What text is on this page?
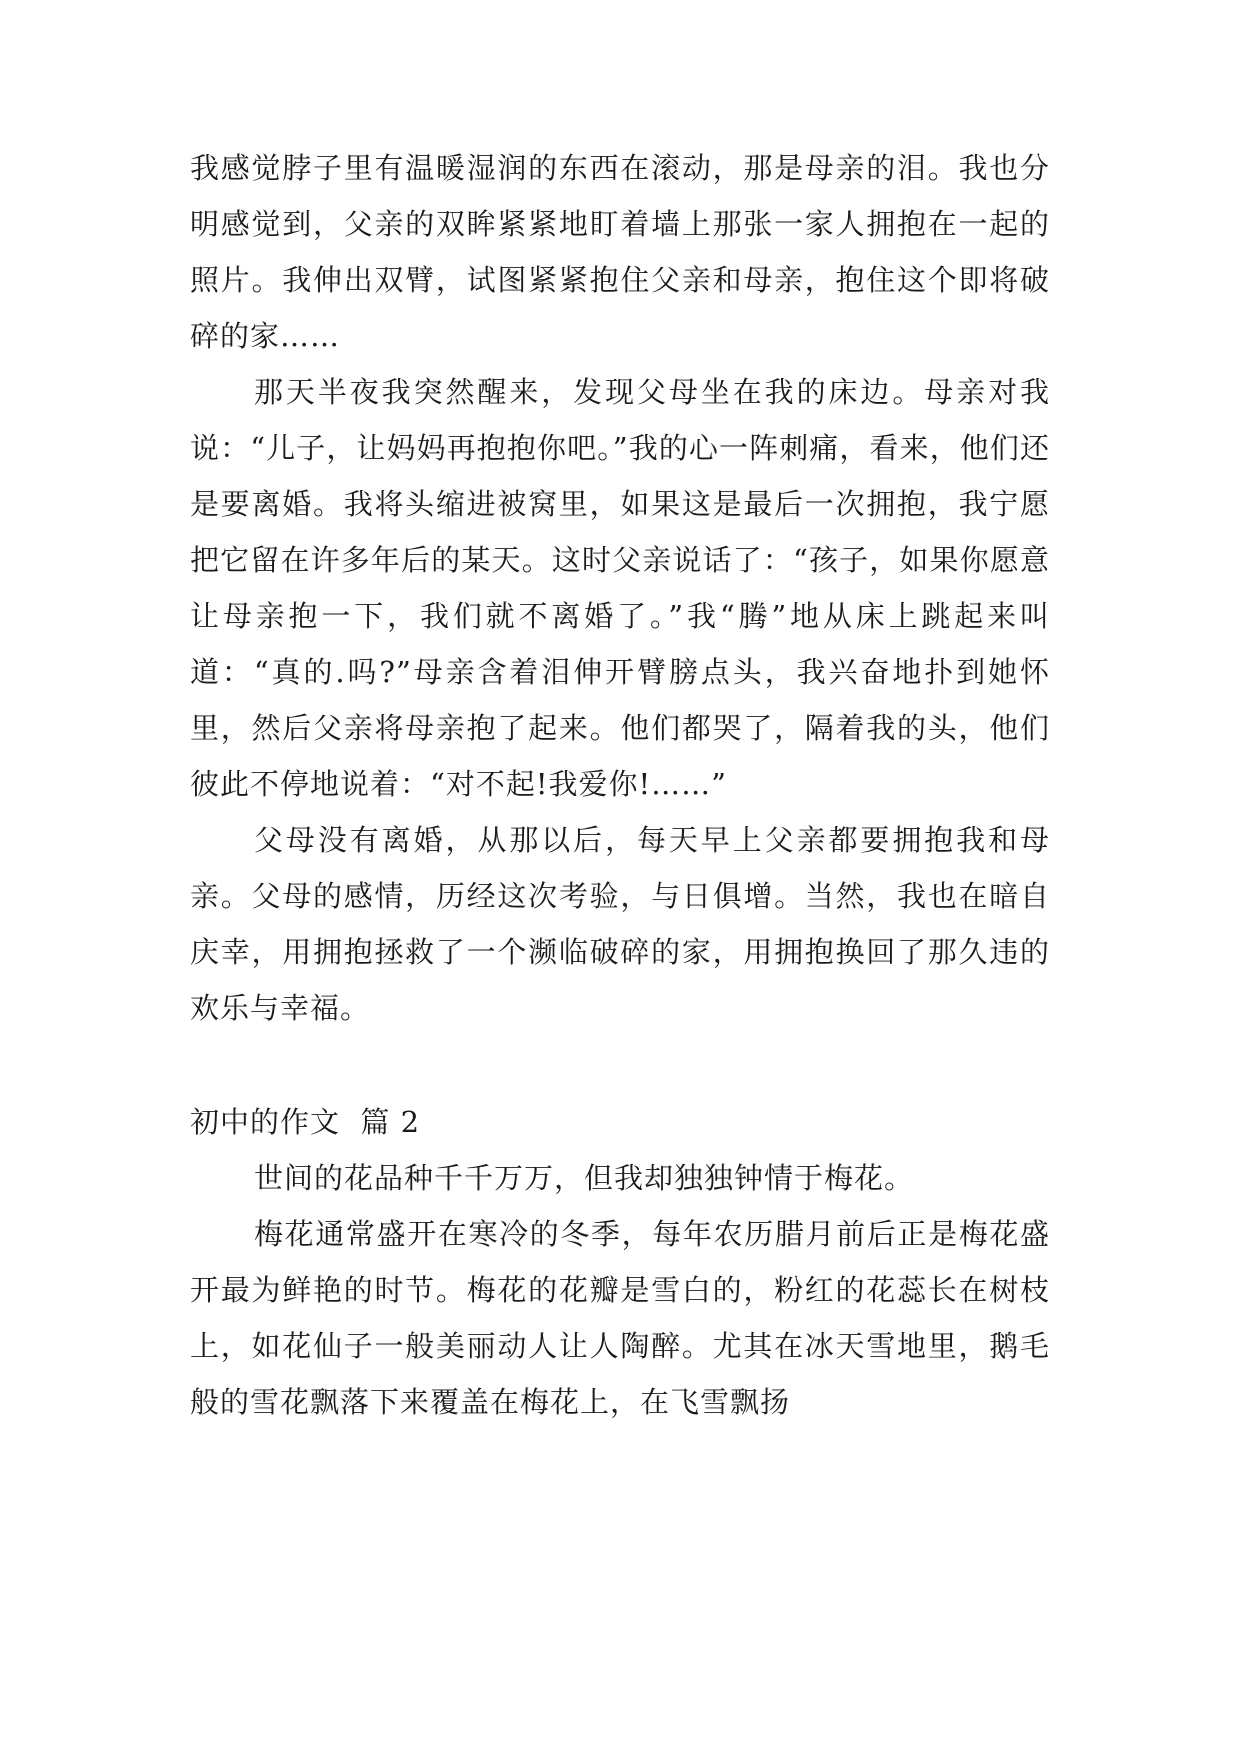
我感觉脖子里有温暖湿润的东西在滚动，那是母亲的泪。我也分明感觉到，父亲的双眸紧紧地盯着墙上那张一家人拥抱在一起的照片。我伸出双臂，试图紧紧抱住父亲和母亲，抱住这个即将破碎的家……

那天半夜我突然醒来，发现父母坐在我的床边。母亲对我说：“儿子，让妈妈再抱抱你吧。”我的心一阵刺痛，看来，他们还是要离婚。我将头缩进被窝里，如果这是最后一次拥抱，我宁愿把它留在许多年后的某天。这时父亲说话了：“孩子，如果你愿意让母亲抱一下，我们就不离婚了。”我“腾”地从床上跳起来叫道：“真的.吗?”母亲含着泪伸开臂膀点头，我兴奋地扑到她怀里，然后父亲将母亲抱了起来。他们都哭了，隔着我的头，他们彼此不停地说着：“对不起!我爱你!……”

父母没有离婚，从那以后，每天早上父亲都要拥抱我和母亲。父母的感情，历经这次考验，与日俱增。当然，我也在暗自庆幸，用拥抱拯救了一个濒临破碎的家，用拥抱换回了那久违的欢乐与幸福。

初中的作文  篇 2

世间的花品种千千万万，但我却独独钟情于梅花。

梅花通常盛开在寒冷的冬季，每年农历腊月前后正是梅花盛开最为鲜艳的时节。梅花的花瓣是雪白的，粉红的花蕊长在树枝上，如花仙子一般美丽动人让人陶醉。尤其在冰天雪地里，鹅毛般的雪花飘落下来覆盖在梅花上，在飞雪飘扬
